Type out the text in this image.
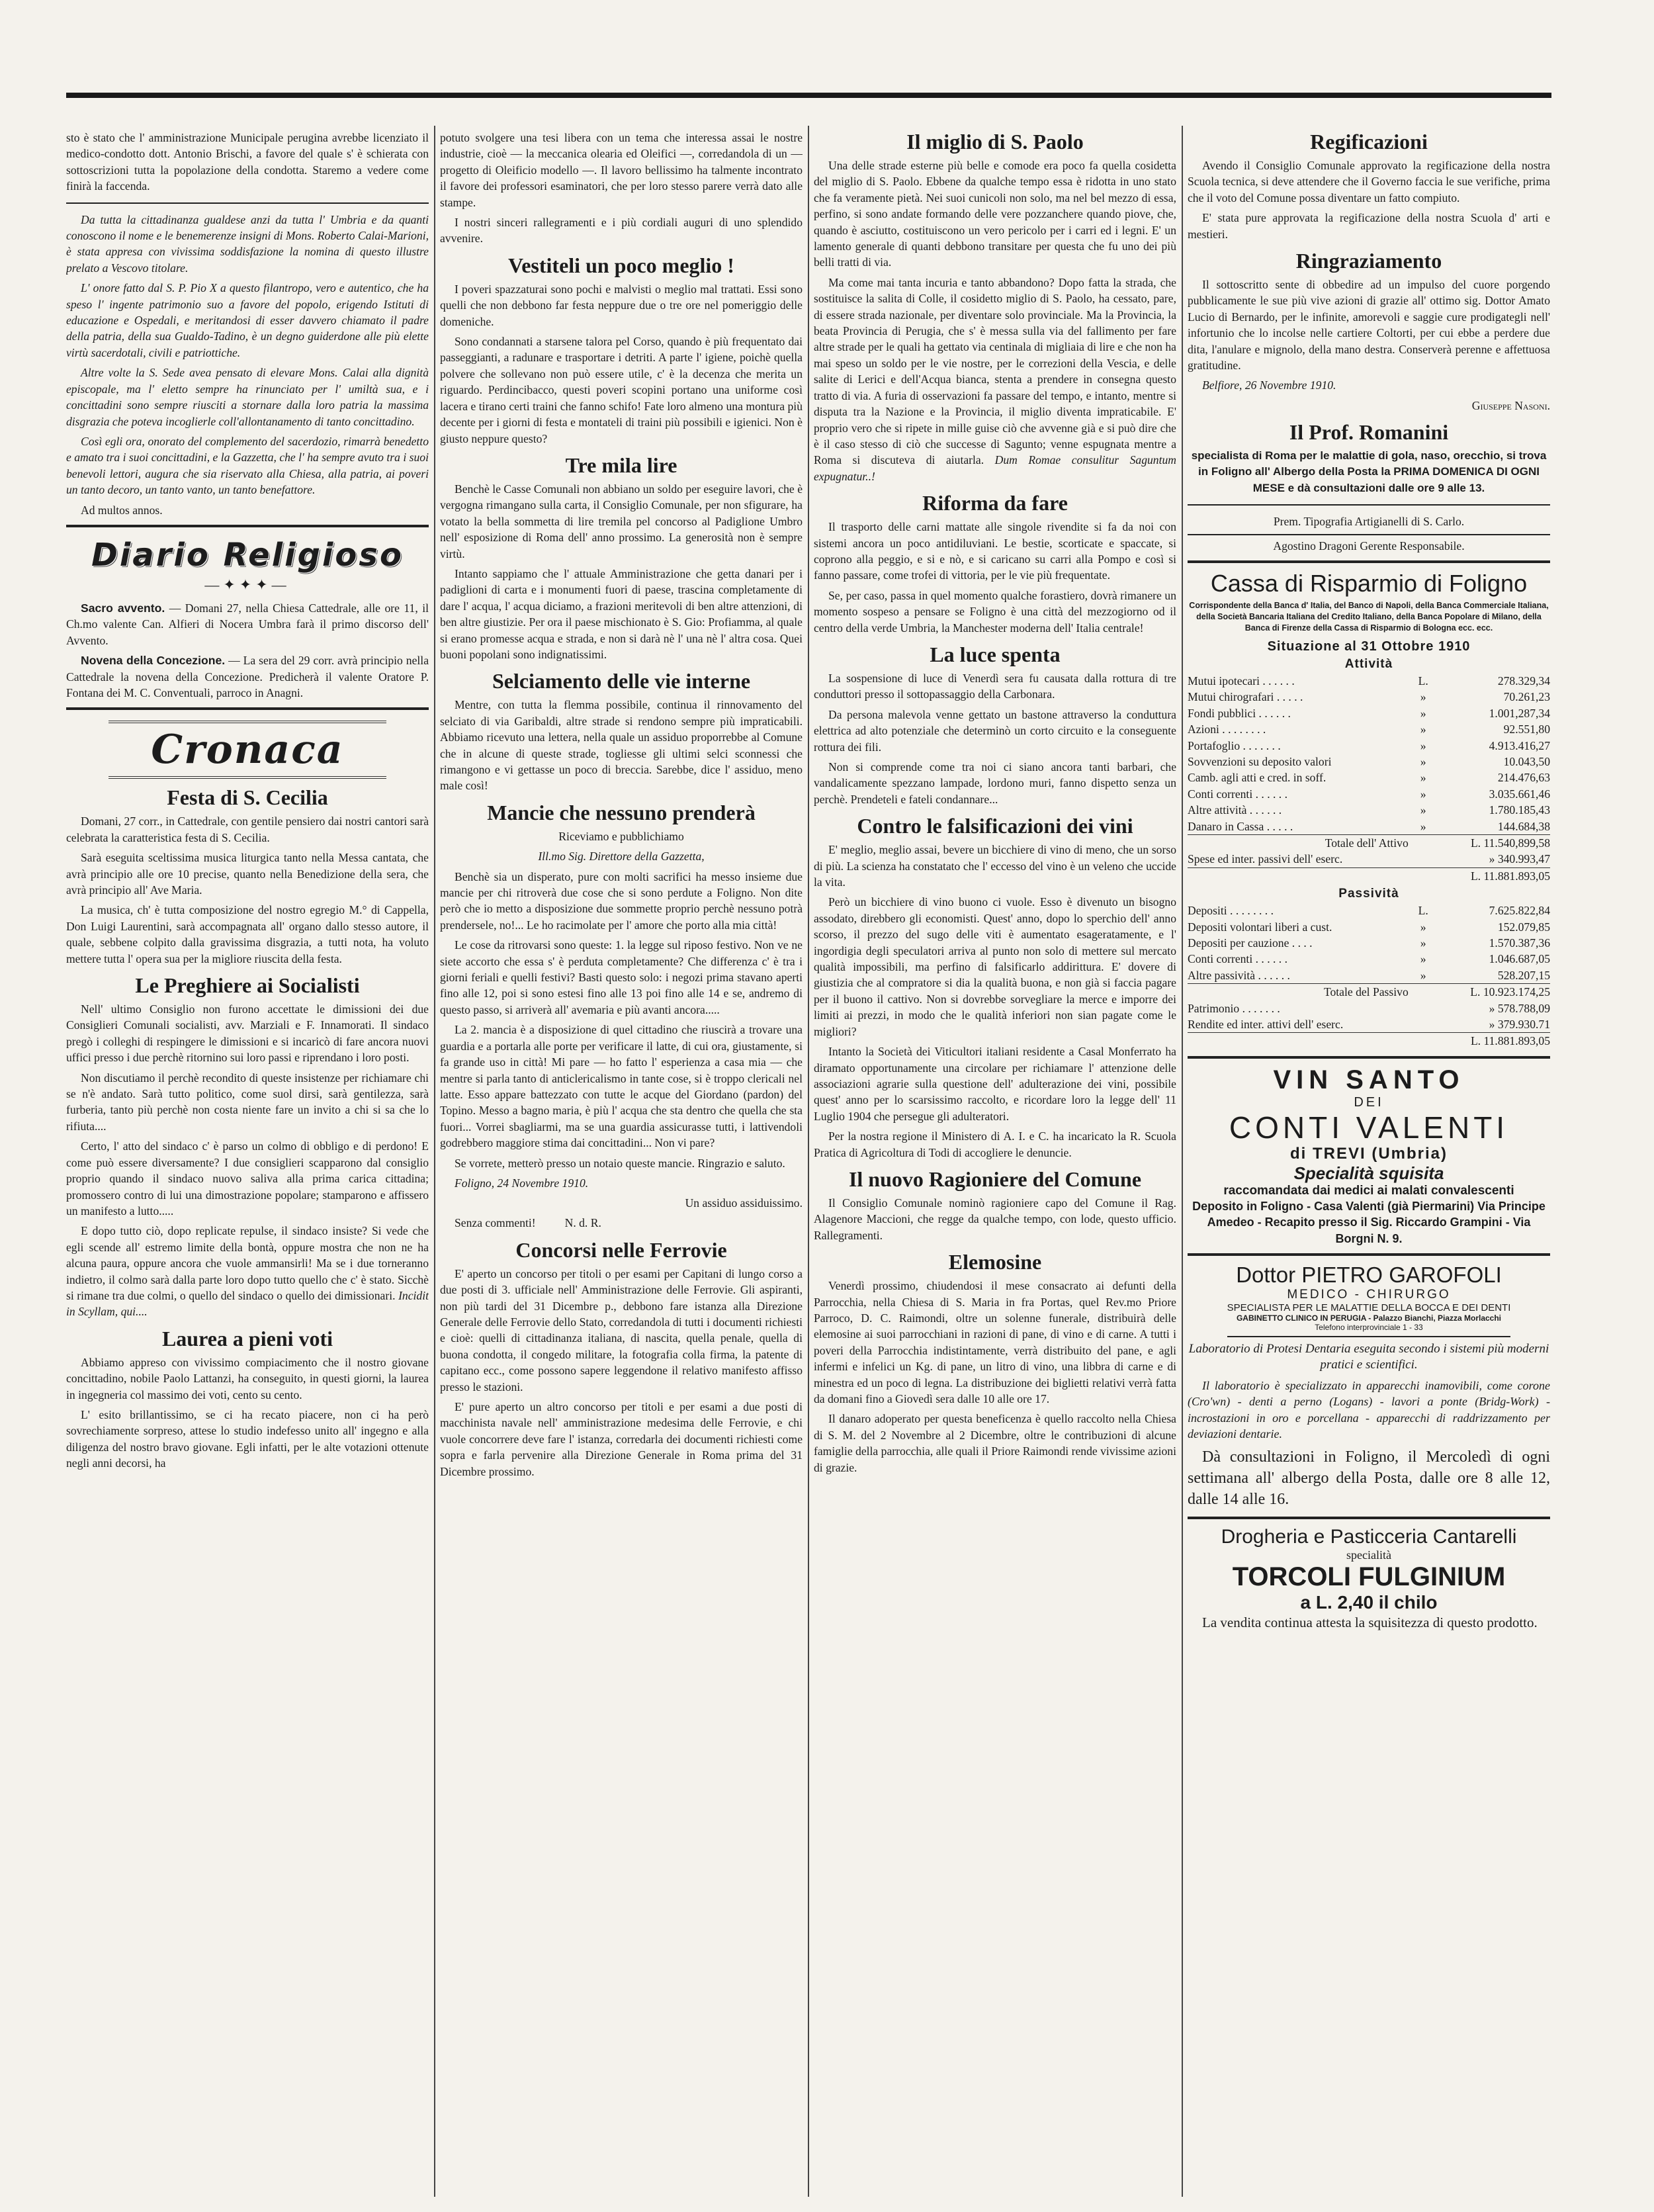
sto è stato che l' amministrazione Municipale perugina avrebbe licenziato il medico-condotto dott. Antonio Brischi, a favore del quale s' è schierata con sottoscrizioni tutta la popolazione della condotta. Staremo a vedere come finirà la faccenda.

Da tutta la cittadinanza gualdese anzi da tutta l' Umbria e da quanti conoscono il nome e le benemerenze insigni di Mons. Roberto Calai-Marioni, è stata appresa con vivissima soddisfazione la nomina di questo illustre prelato a Vescovo titolare.

L' onore fatto dal S. P. Pio X a questo filantropo, vero e autentico, che ha speso l' ingente patrimonio suo a favore del popolo, erigendo Istituti di educazione e Ospedali, e meritandosi di esser davvero chiamato il padre della patria, della sua Gualdo-Tadino, è un degno guiderdone alle più elette virtù sacerdotali, civili e patriottiche.

Altre volte la S. Sede avea pensato di elevare Mons. Calai alla dignità episcopale, ma l' eletto sempre ha rinunciato per l' umiltà sua, e i concittadini sono sempre riusciti a stornare dalla loro patria la massima disgrazia che poteva incoglierle coll'allontanamento di tanto concittadino.

Così egli ora, onorato del complemento del sacerdozio, rimarrà benedetto e amato tra i suoi concittadini, e la Gazzetta, che l' ha sempre avuto tra i suoi benevoli lettori, augura che sia riservato alla Chiesa, alla patria, ai poveri un tanto decoro, un tanto vanto, un tanto benefattore.

Ad multos annos.

Diario Religioso
—✦✦✦—

Sacro avvento. — Domani 27, nella Chiesa Cattedrale, alle ore 11, il Ch.mo valente Can. Alfieri di Nocera Umbra farà il primo discorso dell' Avvento.

Novena della Concezione. — La sera del 29 corr. avrà principio nella Cattedrale la novena della Concezione. Predicherà il valente Oratore P. Fontana dei M. C. Conventuali, parroco in Anagni.

Cronaca
Festa di S. Cecilia

Domani, 27 corr., in Cattedrale, con gentile pensiero dai nostri cantori sarà celebrata la caratteristica festa di S. Cecilia.

Sarà eseguita sceltissima musica liturgica tanto nella Messa cantata, che avrà principio alle ore 10 precise, quanto nella Benedizione della sera, che avrà principio all' Ave Maria.

La musica, ch' è tutta composizione del nostro egregio M.° di Cappella, Don Luigi Laurentini, sarà accompagnata all' organo dallo stesso autore, il quale, sebbene colpito dalla gravissima disgrazia, a tutti nota, ha voluto mettere tutta l' opera sua per la migliore riuscita della festa.

Le Preghiere ai Socialisti

Nell' ultimo Consiglio non furono accettate le dimissioni dei due Consiglieri Comunali socialisti, avv. Marziali e F. Innamorati. Il sindaco pregò i colleghi di respingere le dimissioni e si incaricò di fare ancora nuovi uffici presso i due perchè ritornino sui loro passi e riprendano i loro posti.

Non discutiamo il perchè recondito di queste insistenze per richiamare chi se n'è andato. Sarà tutto politico, come suol dirsi, sarà gentilezza, sarà furberia, tanto più perchè non costa niente fare un invito a chi si sa che lo rifiuta....

Certo, l' atto del sindaco c' è parso un colmo di obbligo e di perdono! E come può essere diversamente? I due consiglieri scapparono dal consiglio proprio quando il sindaco nuovo saliva alla prima carica cittadina; promossero contro di lui una dimostrazione popolare; stamparono e affissero un manifesto a lutto.....

E dopo tutto ciò, dopo replicate repulse, il sindaco insiste? Si vede che egli scende all' estremo limite della bontà, oppure mostra che non ne ha alcuna paura, oppure ancora che vuole ammansirli! Ma se i due torneranno indietro, il colmo sarà dalla parte loro dopo tutto quello che c' è stato. Sicchè si rimane tra due colmi, o quello del sindaco o quello dei dimissionari. Incidit in Scyllam, qui....

Laurea a pieni voti

Abbiamo appreso con vivissimo compiacimento che il nostro giovane concittadino, nobile Paolo Lattanzi, ha conseguito, in questi giorni, la laurea in ingegneria col massimo dei voti, cento su cento.

L' esito brillantissimo, se ci ha recato piacere, non ci ha però sovrechiamente sorpreso, attese lo studio indefesso unito all' ingegno e alla diligenza del nostro bravo giovane. Egli infatti, per le alte votazioni ottenute negli anni decorsi, ha

potuto svolgere una tesi libera con un tema che interessa assai le nostre industrie, cioè — la meccanica olearia ed Oleifici —, corredandola di un — progetto di Oleificio modello —. Il lavoro bellissimo ha talmente incontrato il favore dei professori esaminatori, che per loro stesso parere verrà dato alle stampe.

I nostri sinceri rallegramenti e i più cordiali auguri di uno splendido avvenire.

Vestiteli un poco meglio !

I poveri spazzaturai sono pochi e malvisti o meglio mal trattati. Essi sono quelli che non debbono far festa neppure due o tre ore nel pomeriggio delle domeniche.

Sono condannati a starsene talora pel Corso, quando è più frequentato dai passeggianti, a radunare e trasportare i detriti. A parte l' igiene, poichè quella polvere che sollevano non può essere utile, c' è la decenza che merita un riguardo. Perdincibacco, questi poveri scopini portano una uniforme così lacera e tirano certi traini che fanno schifo! Fate loro almeno una montura più decente per i giorni di festa e montateli di traini più possibili e igienici. Non è giusto neppure questo?

Tre mila lire

Benchè le Casse Comunali non abbiano un soldo per eseguire lavori, che è vergogna rimangano sulla carta, il Consiglio Comunale, per non sfigurare, ha votato la bella sommetta di lire tremila pel concorso al Padiglione Umbro nell' esposizione di Roma dell' anno prossimo. La generosità non è sempre virtù.

Intanto sappiamo che l' attuale Amministrazione che getta danari per i padiglioni di carta e i monumenti fuori di paese, trascina completamente di dare l' acqua, l' acqua diciamo, a frazioni meritevoli di ben altre attenzioni, di ben altre giustizie. Per ora il paese mischionato è S. Gio: Profiamma, al quale si erano promesse acqua e strada, e non si darà nè l' una nè l' altra cosa. Quei buoni popolani sono indignatissimi.

Selciamento delle vie interne

Mentre, con tutta la flemma possibile, continua il rinnovamento del selciato di via Garibaldi, altre strade si rendono sempre più impraticabili. Abbiamo ricevuto una lettera, nella quale un assiduo proporrebbe al Comune che in alcune di queste strade, togliesse gli ultimi selci sconnessi che rimangono e vi gettasse un poco di breccia. Sarebbe, dice l' assiduo, meno male così!

Mancie che nessuno prenderà

Riceviamo e pubblichiamo

Ill.mo Sig. Direttore della Gazzetta,

Benchè sia un disperato, pure con molti sacrifici ha messo insieme due mancie per chi ritroverà due cose che si sono perdute a Foligno. Non dite però che io metto a disposizione due sommette proprio perchè nessuno potrà prendersele, no!... Le ho racimolate per l' amore che porto alla mia città!

Le cose da ritrovarsi sono queste: 1. la legge sul riposo festivo. Non ve ne siete accorto che essa s' è perduta completamente? Che differenza c' è tra i giorni feriali e quelli festivi? Basti questo solo: i negozi prima stavano aperti fino alle 12, poi si sono estesi fino alle 13 poi fino alle 14 e se, andremo di questo passo, si arriverà all' avemaria e più avanti ancora.....

La 2. mancia è a disposizione di quel cittadino che riuscirà a trovare una guardia e a portarla alle porte per verificare il latte, di cui ora, giustamente, si fa grande uso in città! Mi pare — ho fatto l' esperienza a casa mia — che mentre si parla tanto di anticlericalismo in tante cose, si è troppo clericali nel latte. Esso appare battezzato con tutte le acque del Giordano (pardon) del Topino. Messo a bagno maria, è più l' acqua che sta dentro che quella che sta fuori... Vorrei sbagliarmi, ma se una guardia assicurasse tutti, i lattivendoli godrebbero maggiore stima dai concittadini... Non vi pare?

Se vorrete, metterò presso un notaio queste mancie. Ringrazio e saluto.

Foligno, 24 Novembre 1910.

Un assiduo assiduissimo.

Senza commenti!          N. d. R.

Concorsi nelle Ferrovie

E' aperto un concorso per titoli o per esami per Capitani di lungo corso a due posti di 3. ufficiale nell' Amministrazione delle Ferrovie. Gli aspiranti, non più tardi del 31 Dicembre p., debbono fare istanza alla Direzione Generale delle Ferrovie dello Stato, corredandola di tutti i documenti richiesti e cioè: quelli di cittadinanza italiana, di nascita, quella penale, quella di buona condotta, il congedo militare, la fotografia colla firma, la patente di capitano ecc., come possono sapere leggendone il relativo manifesto affisso presso le stazioni.

E' pure aperto un altro concorso per titoli e per esami a due posti di macchinista navale nell' amministrazione medesima delle Ferrovie, e chi vuole concorrere deve fare l' istanza, corredarla dei documenti richiesti come sopra e farla pervenire alla Direzione Generale in Roma prima del 31 Dicembre prossimo.

Il miglio di S. Paolo

Una delle strade esterne più belle e comode era poco fa quella cosidetta del miglio di S. Paolo. Ebbene da qualche tempo essa è ridotta in uno stato che fa veramente pietà. Nei suoi cunicoli non solo, ma nel bel mezzo di essa, perfino, si sono andate formando delle vere pozzanchere quando piove, che, quando è asciutto, costituiscono un vero pericolo per i carri ed i legni. E' un lamento generale di quanti debbono transitare per questa che fu uno dei più belli tratti di via.

Ma come mai tanta incuria e tanto abbandono? Dopo fatta la strada, che sostituisce la salita di Colle, il cosidetto miglio di S. Paolo, ha cessato, pare, di essere strada nazionale, per diventare solo provinciale. Ma la Provincia, la beata Provincia di Perugia, che s' è messa sulla via del fallimento per fare altre strade per le quali ha gettato via centinala di migliaia di lire e che non ha mai speso un soldo per le vie nostre, per le correzioni della Vescia, e delle salite di Lerici e dell'Acqua bianca, stenta a prendere in consegna questo tratto di via. A furia di osservazioni fa passare del tempo, e intanto, mentre si disputa tra la Nazione e la Provincia, il miglio diventa impraticabile. E' proprio vero che si ripete in mille guise ciò che avvenne già e si può dire che è il caso stesso di ciò che successe di Sagunto; venne espugnata mentre a Roma si discuteva di aiutarla. Dum Romae consulitur Saguntum expugnatur..!

Riforma da fare

Il trasporto delle carni mattate alle singole rivendite si fa da noi con sistemi ancora un poco antidiluviani. Le bestie, scorticate e spaccate, si coprono alla peggio, e si e nò, e si caricano su carri alla Pompo e così si fanno passare, come trofei di vittoria, per le vie più frequentate.

Se, per caso, passa in quel momento qualche forastiero, dovrà rimanere un momento sospeso a pensare se Foligno è una città del mezzogiorno od il centro della verde Umbria, la Manchester moderna dell' Italia centrale!

La luce spenta

La sospensione di luce di Venerdì sera fu causata dalla rottura di tre conduttori presso il sottopassaggio della Carbonara.

Da persona malevola venne gettato un bastone attraverso la conduttura elettrica ad alto potenziale che determinò un corto circuito e la conseguente rottura dei fili.

Non si comprende come tra noi ci siano ancora tanti barbari, che vandalicamente spezzano lampade, lordono muri, fanno dispetto senza un perchè. Prendeteli e fateli condannare...

Contro le falsificazioni dei vini

E' meglio, meglio assai, bevere un bicchiere di vino di meno, che un sorso di più. La scienza ha constatato che l' eccesso del vino è un veleno che uccide la vita.

Però un bicchiere di vino buono ci vuole. Esso è divenuto un bisogno assodato, direbbero gli economisti. Quest' anno, dopo lo sperchio dell' anno scorso, il prezzo del sugo delle viti è aumentato esageratamente, e l' ingordigia degli speculatori arriva al punto non solo di mettere sul mercato qualità impossibili, ma perfino di falsificarlo addirittura. E' dovere di giustizia che al compratore si dia la qualità buona, e non già si faccia pagare per il buono il cattivo. Non si dovrebbe sorvegliare la merce e imporre dei limiti ai prezzi, in modo che le qualità inferiori non sian pagate come le migliori?

Intanto la Società dei Viticultori italiani residente a Casal Monferrato ha diramato opportunamente una circolare per richiamare l' attenzione delle associazioni agrarie sulla questione dell' adulterazione dei vini, possibile quest' anno per lo scarsissimo raccolto, e ricordare loro la legge dell' 11 Luglio 1904 che persegue gli adulteratori.

Per la nostra regione il Ministero di A. I. e C. ha incaricato la R. Scuola Pratica di Agricoltura di Todi di accogliere le denuncie.

Il nuovo Ragioniere del Comune

Il Consiglio Comunale nominò ragioniere capo del Comune il Rag. Alagenore Maccioni, che regge da qualche tempo, con lode, questo ufficio. Rallegramenti.

Elemosine

Venerdì prossimo, chiudendosi il mese consacrato ai defunti della Parrocchia, nella Chiesa di S. Maria in fra Portas, quel Rev.mo Priore Parroco, D. C. Raimondi, oltre un solenne funerale, distribuirà delle elemosine ai suoi parrocchiani in razioni di pane, di vino e di carne. A tutti i poveri della Parrocchia indistintamente, verrà distribuito del pane, e agli infermi e infelici un Kg. di pane, un litro di vino, una libbra di carne e di minestra ed un poco di legna. La distribuzione dei biglietti relativi verrà fatta da domani fino a Giovedì sera dalle 10 alle ore 17.

Il danaro adoperato per questa beneficenza è quello raccolto nella Chiesa di S. M. del 2 Novembre al 2 Dicembre, oltre le contribuzioni di alcune famiglie della parrocchia, alle quali il Priore Raimondi rende vivissime azioni di grazie.

Regificazioni

Avendo il Consiglio Comunale approvato la regificazione della nostra Scuola tecnica, si deve attendere che il Governo faccia le sue verifiche, prima che il voto del Comune possa diventare un fatto compiuto.

E' stata pure approvata la regificazione della nostra Scuola d' arti e mestieri.

Ringraziamento

Il sottoscritto sente di obbedire ad un impulso del cuore porgendo pubblicamente le sue più vive azioni di grazie all' ottimo sig. Dottor Amato Lucio di Bernardo, per le infinite, amorevoli e saggie cure prodigategli nell' infortunio che lo incolse nelle cartiere Coltorti, per cui ebbe a perdere due dita, l'anulare e mignolo, della mano destra. Conserverà perenne e affettuosa gratitudine.

Belfiore, 26 Novembre 1910.

Giuseppe Nasoni.
Il Prof. Romanini

specialista di Roma per le malattie di gola, naso, orecchio, si trova in Foligno all' Albergo della Posta la PRIMA DOMENICA DI OGNI MESE e dà consultazioni dalle ore 9 alle 13.

Prem. Tipografia Artigianelli di S. Carlo.

Agostino Dragoni Gerente Responsabile.

Cassa di Risparmio di Foligno

Corrispondente della Banca d' Italia, del Banco di Napoli, della Banca Commerciale Italiana, della Società Bancaria Italiana del Credito Italiano, della Banca Popolare di Milano, della Banca di Firenze della Cassa di Risparmio di Bologna ecc. ecc.

Situazione al 31 Ottobre 1910
Attività
Mutui ipotecari . . . . . .	L.	278.329,34
Mutui chirografari . . . . .	»	70.261,23
Fondi pubblici . . . . . .	»	1.001,287,34
Azioni . . . . . . . .	»	92.551,80
Portafoglio . . . . . . .	»	4.913.416,27
Sovvenzioni su deposito valori	»	10.043,50
Camb. agli atti e cred. in soff.	»	214.476,63
Conti correnti . . . . . .	»	3.035.661,46
Altre attività . . . . . .	»	1.780.185,43
Danaro in Cassa . . . . .	»	144.684,38
Totale dell' Attivo	L. 11.540,899,58
Spese ed inter. passivi dell' eserc.	» 340.993,47
	L. 11.881.893,05
Passività
Depositi . . . . . . . .	L.	7.625.822,84
Depositi volontari liberi a cust.	»	152.079,85
Depositi per cauzione . . . .	»	1.570.387,36
Conti correnti . . . . . .	»	1.046.687,05
Altre passività . . . . . .	»	528.207,15
Totale del Passivo	L. 10.923.174,25
Patrimonio . . . . . . .	» 578.788,09
Rendite ed inter. attivi dell' eserc.	» 379.930.71
	L. 11.881.893,05
VIN SANTO
DEI
CONTI VALENTI
di TREVI (Umbria)
Specialità squisita
raccomandata dai medici ai malati convalescenti

Deposito in Foligno - Casa Valenti (già Piermarini) Via Principe Amedeo - Recapito presso il Sig. Riccardo Grampini - Via Borgni N. 9.

Dottor PIETRO GAROFOLI
MEDICO - CHIRURGO
SPECIALISTA PER LE MALATTIE DELLA BOCCA E DEI DENTI
GABINETTO CLINICO IN PERUGIA - Palazzo Bianchi, Piazza Morlacchi
Telefono interprovinciale 1 - 33

Laboratorio di Protesi Dentaria eseguita secondo i sistemi più moderni pratici e scientifici.

Il laboratorio è specializzato in apparecchi inamovibili, come corone (Cro'wn) - denti a perno (Logans) - lavori a ponte (Bridg-Work) - incrostazioni in oro e porcellana - apparecchi di raddrizzamento per deviazioni dentarie.

Dà consultazioni in Foligno, il Mercoledì di ogni settimana all' albergo della Posta, dalle ore 8 alle 12, dalle 14 alle 16.

Drogheria e Pasticceria Cantarelli
specialità
TORCOLI FULGINIUM
a L. 2,40 il chilo

La vendita continua attesta la squisitezza di questo prodotto.
